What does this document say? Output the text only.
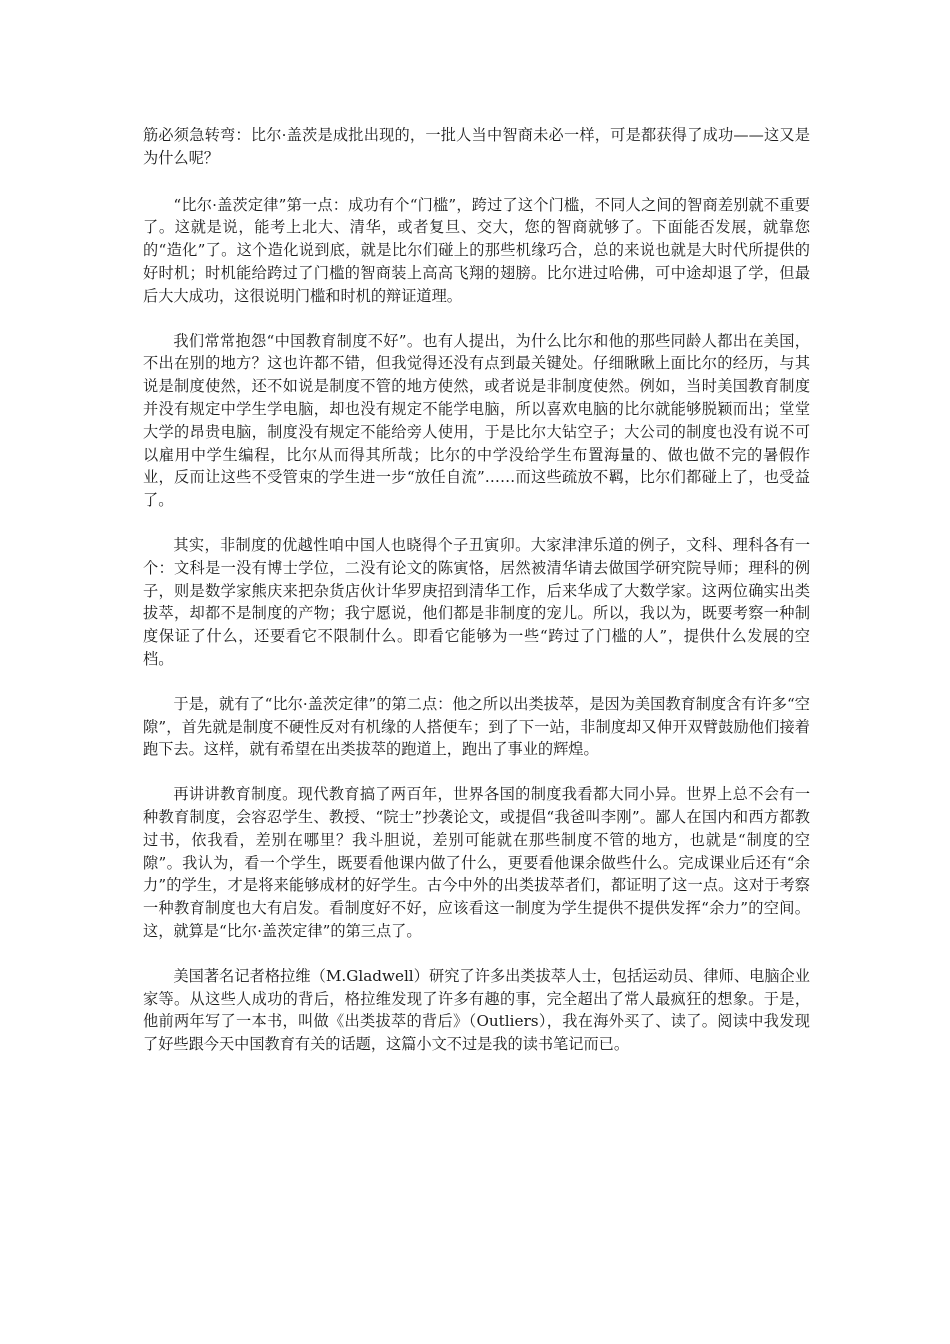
筋必须急转弯：比尔·盖茨是成批出现的，一批人当中智商未必一样，可是都获得了成功——这又是为什么呢？

“比尔·盖茨定律”第一点：成功有个“门槛”，跨过了这个门槛，不同人之间的智商差别就不重要了。这就是说，能考上北大、清华，或者复旦、交大，您的智商就够了。下面能否发展，就靠您的“造化”了。这个造化说到底，就是比尔们碰上的那些机缘巧合，总的来说也就是大时代所提供的好时机；时机能给跨过了门槛的智商装上高高飞翔的翅膀。比尔进过哈佛，可中途却退了学，但最后大大成功，这很说明门槛和时机的辩证道理。

我们常常抱怨“中国教育制度不好”。也有人提出，为什么比尔和他的那些同龄人都出在美国，不出在别的地方？这也许都不错，但我觉得还没有点到最关键处。仔细瞅瞅上面比尔的经历，与其说是制度使然，还不如说是制度不管的地方使然，或者说是非制度使然。例如，当时美国教育制度并没有规定中学生学电脑，却也没有规定不能学电脑，所以喜欢电脑的比尔就能够脱颖而出；堂堂大学的昂贵电脑，制度没有规定不能给旁人使用，于是比尔大钻空子；大公司的制度也没有说不可以雇用中学生编程，比尔从而得其所哉；比尔的中学没给学生布置海量的、做也做不完的暑假作业，反而让这些不受管束的学生进一步“放任自流”……而这些疏放不羁，比尔们都碰上了，也受益了。

其实，非制度的优越性咱中国人也晓得个子丑寅卯。大家津津乐道的例子，文科、理科各有一个：文科是一没有博士学位，二没有论文的陈寅恪，居然被清华请去做国学研究院导师；理科的例子，则是数学家熊庆来把杂货店伙计华罗庚招到清华工作，后来华成了大数学家。这两位确实出类拔萃，却都不是制度的产物；我宁愿说，他们都是非制度的宠儿。所以，我以为，既要考察一种制度保证了什么，还要看它不限制什么。即看它能够为一些“跨过了门槛的人”，提供什么发展的空档。

于是，就有了“比尔·盖茨定律”的第二点：他之所以出类拔萃，是因为美国教育制度含有许多“空隙”，首先就是制度不硬性反对有机缘的人搭便车；到了下一站，非制度却又伸开双臂鼓励他们接着跑下去。这样，就有希望在出类拔萃的跑道上，跑出了事业的辉煌。

再讲讲教育制度。现代教育搞了两百年，世界各国的制度我看都大同小异。世界上总不会有一种教育制度，会容忍学生、教授、“院士”抄袭论文，或提倡“我爸叫李刚”。鄙人在国内和西方都教过书，依我看，差别在哪里？我斗胆说，差别可能就在那些制度不管的地方，也就是“制度的空隙”。我认为，看一个学生，既要看他课内做了什么，更要看他课余做些什么。完成课业后还有“余力”的学生，才是将来能够成材的好学生。古今中外的出类拔萃者们，都证明了这一点。这对于考察一种教育制度也大有启发。看制度好不好，应该看这一制度为学生提供不提供发挥“余力”的空间。这，就算是“比尔·盖茨定律”的第三点了。

美国著名记者格拉维（M.Gladwell）研究了许多出类拔萃人士，包括运动员、律师、电脑企业家等。从这些人成功的背后，格拉维发现了许多有趣的事，完全超出了常人最疯狂的想象。于是，他前两年写了一本书，叫做《出类拔萃的背后》（Outliers），我在海外买了、读了。阅读中我发现了好些跟今天中国教育有关的话题，这篇小文不过是我的读书笔记而已。
